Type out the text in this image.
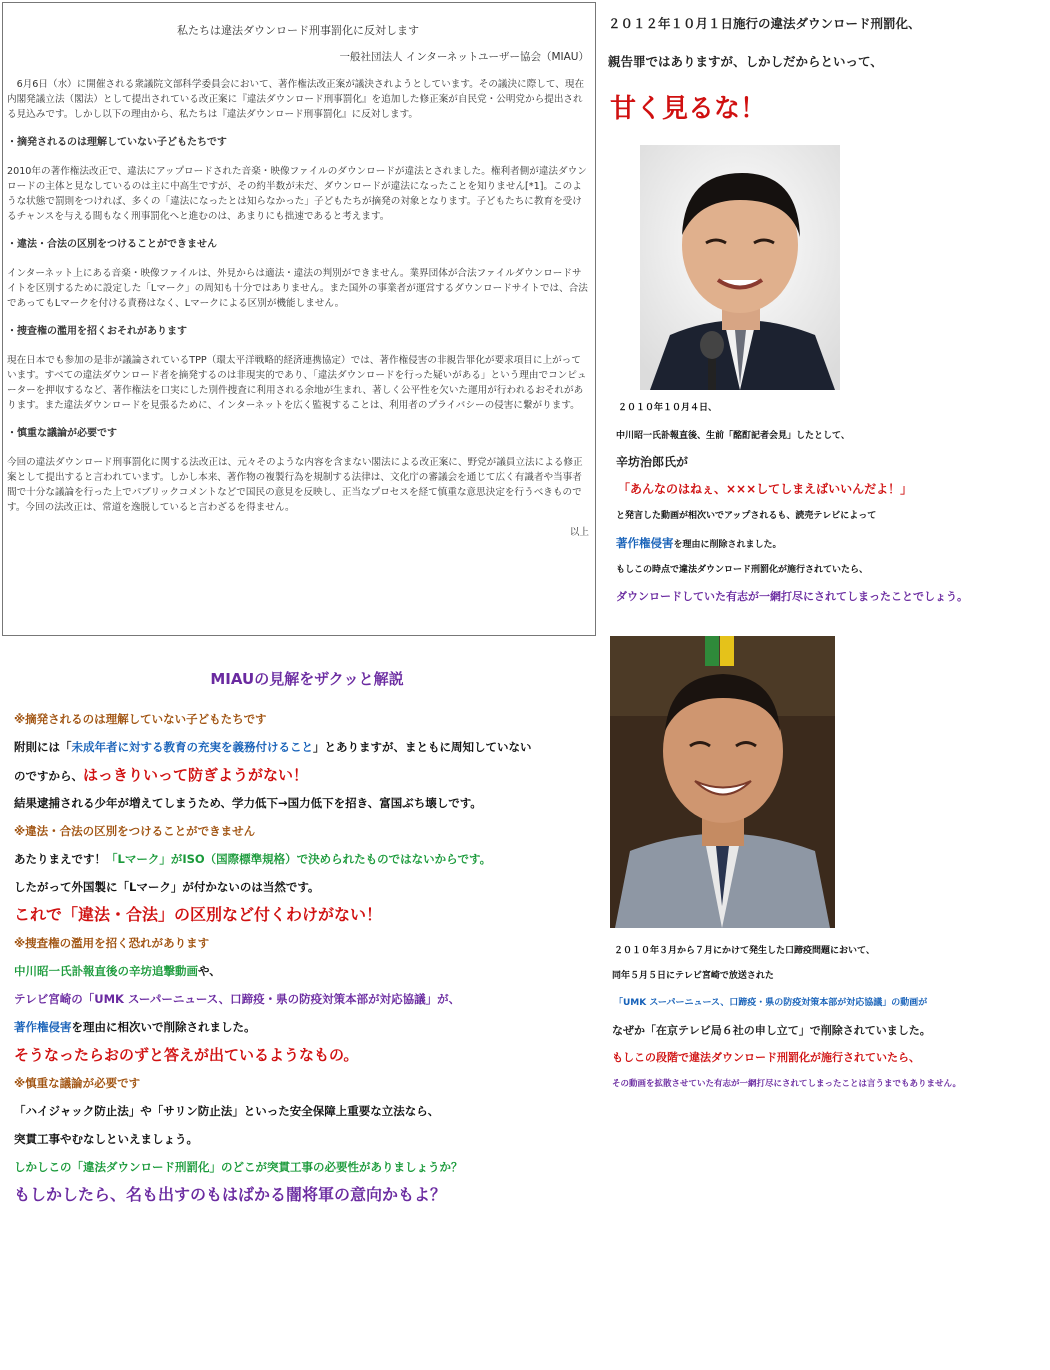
私たちは違法ダウンロード刑事罰化に反対します
一般社団法人 インターネットユーザー協会（MIAU）

6月6日（水）に開催される衆議院文部科学委員会において、著作権法改正案が議決されようとしています。その議決に際して、現在内閣発議立法（閣法）として提出されている改正案に『違法ダウンロード刑事罰化』を追加した修正案が自民党・公明党から提出される見込みです。しかし以下の理由から、私たちは『違法ダウンロード刑事罰化』に反対します。

・摘発されるのは理解していない子どもたちです

2010年の著作権法改正で、違法にアップロードされた音楽・映像ファイルのダウンロードが違法とされました。権利者側が違法ダウンロードの主体と見なしているのは主に中高生ですが、その約半数が未だ、ダウンロードが違法になったことを知りません[*1]。このような状態で罰則をつければ、多くの「違法になったとは知らなかった」子どもたちが摘発の対象となります。子どもたちに教育を受けるチャンスを与える間もなく刑事罰化へと進むのは、あまりにも拙速であると考えます。

・違法・合法の区別をつけることができません

インターネット上にある音楽・映像ファイルは、外見からは適法・違法の判別ができません。業界団体が合法ファイルダウンロードサイトを区別するために設定した「Lマーク」の周知も十分ではありません。また国外の事業者が運営するダウンロードサイトでは、合法であってもLマークを付ける責務はなく、Lマークによる区別が機能しません。

・捜査権の濫用を招くおそれがあります

現在日本でも参加の是非が議論されているTPP（環太平洋戦略的経済連携協定）では、著作権侵害の非親告罪化が要求項目に上がっています。すべての違法ダウンロード者を摘発するのは非現実的であり、「違法ダウンロードを行った疑いがある」という理由でコンピューターを押収するなど、著作権法を口実にした別件捜査に利用される余地が生まれ、著しく公平性を欠いた運用が行われるおそれがあります。また違法ダウンロードを見張るために、インターネットを広く監視することは、利用者のプライバシーの侵害に繋がります。

・慎重な議論が必要です

今回の違法ダウンロード刑事罰化に関する法改正は、元々そのような内容を含まない閣法による改正案に、野党が議員立法による修正案として提出すると言われています。しかし本来、著作物の複製行為を規制する法律は、文化庁の審議会を通じて広く有識者や当事者間で十分な議論を行った上でパブリックコメントなどで国民の意見を反映し、正当なプロセスを経て慎重な意思決定を行うべきものです。今回の法改正は、常道を逸脱していると言わざるを得ません。

以上
MIAUの見解をザクッと解説
※摘発されるのは理解していない子どもたちです
附則には「未成年者に対する教育の充実を義務付けること」とありますが、まともに周知していない
のですから、はっきりいって防ぎようがない！
結果逮捕される少年が増えてしまうため、学力低下→国力低下を招き、富国ぶち壊しです。
※違法・合法の区別をつけることができません
あたりまえです！「Lマーク」がISO（国際標準規格）で決められたものではないからです。
したがって外国製に「Lマーク」が付かないのは当然です。
これで「違法・合法」の区別など付くわけがない！
※捜査権の濫用を招く恐れがあります
中川昭一氏訃報直後の辛坊追撃動画や、
テレビ宮崎の「UMK スーパーニュース、口蹄疫・県の防疫対策本部が対応協議」が、
著作権侵害を理由に相次いで削除されました。
そうなったらおのずと答えが出ているようなもの。
※慎重な議論が必要です
「ハイジャック防止法」や「サリン防止法」といった安全保障上重要な立法なら、
突貫工事やむなしといえましょう。
しかしこの「違法ダウンロード刑罰化」のどこが突貫工事の必要性がありましょうか？
もしかしたら、名も出すのもはばかる闇将軍の意向かもよ？
２０１２年１０月１日施行の違法ダウンロード刑罰化、
親告罪ではありますが、しかしだからといって、
甘く見るな！
２０１０年１０月４日、
中川昭一氏訃報直後、生前「酩酊記者会見」したとして、
辛坊治郎氏が
「あんなのはねぇ、×××してしまえばいいんだよ！」
と発言した動画が相次いでアップされるも、読売テレビによって
著作権侵害を理由に削除されました。
もしこの時点で違法ダウンロード刑罰化が施行されていたら、
ダウンロードしていた有志が一網打尽にされてしまったことでしょう。
２０１０年３月から７月にかけて発生した口蹄疫問題において、
同年５月５日にテレビ宮崎で放送された
「UMK スーパーニュース、口蹄疫・県の防疫対策本部が対応協議」の動画が
なぜか「在京テレビ局６社の申し立て」で削除されていました。
もしこの段階で違法ダウンロード刑罰化が施行されていたら、
その動画を拡散させていた有志が一網打尽にされてしまったことは言うまでもありません。
